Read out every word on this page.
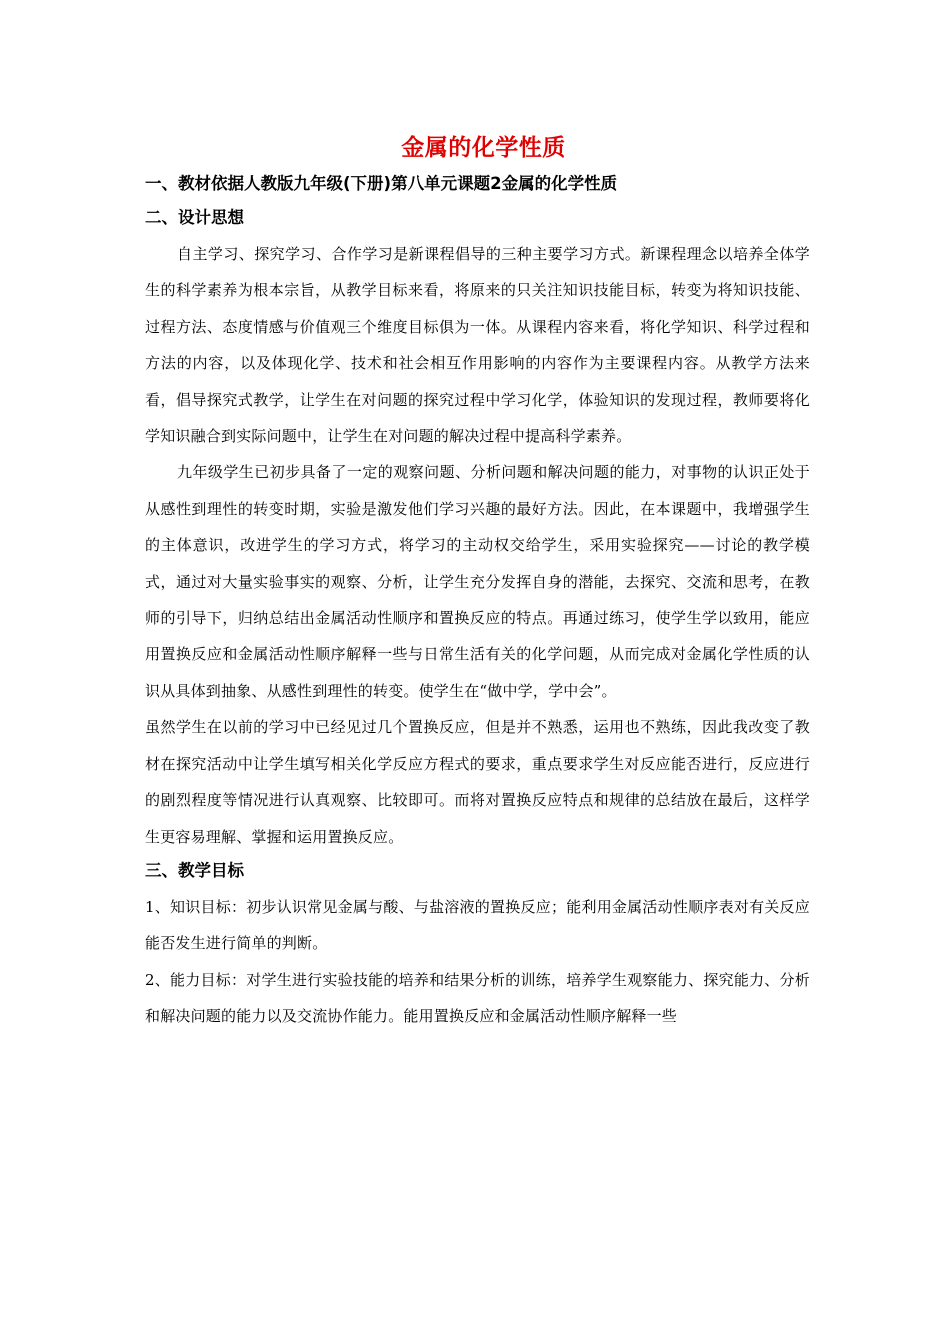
金属的化学性质
一、教材依据人教版九年级(下册)第八单元课题2金属的化学性质
二、设计思想

自主学习、探究学习、合作学习是新课程倡导的三种主要学习方式。新课程理念以培养全体学生的科学素养为根本宗旨，从教学目标来看，将原来的只关注知识技能目标，转变为将知识技能、过程方法、态度情感与价值观三个维度目标俱为一体。从课程内容来看，将化学知识、科学过程和方法的内容，以及体现化学、技术和社会相互作用影响的内容作为主要课程内容。从教学方法来看，倡导探究式教学，让学生在对问题的探究过程中学习化学，体验知识的发现过程，教师要将化学知识融合到实际问题中，让学生在对问题的解决过程中提高科学素养。

九年级学生已初步具备了一定的观察问题、分析问题和解决问题的能力，对事物的认识正处于从感性到理性的转变时期，实验是激发他们学习兴趣的最好方法。因此，在本课题中，我增强学生的主体意识，改进学生的学习方式，将学习的主动权交给学生，采用实验探究——讨论的教学模式，通过对大量实验事实的观察、分析，让学生充分发挥自身的潜能，去探究、交流和思考，在教师的引导下，归纳总结出金属活动性顺序和置换反应的特点。再通过练习，使学生学以致用，能应用置换反应和金属活动性顺序解释一些与日常生活有关的化学问题，从而完成对金属化学性质的认识从具体到抽象、从感性到理性的转变。使学生在“做中学，学中会”。

虽然学生在以前的学习中已经见过几个置换反应，但是并不熟悉，运用也不熟练，因此我改变了教材在探究活动中让学生填写相关化学反应方程式的要求，重点要求学生对反应能否进行，反应进行的剧烈程度等情况进行认真观察、比较即可。而将对置换反应特点和规律的总结放在最后，这样学生更容易理解、掌握和运用置换反应。

三、教学目标

1、知识目标：初步认识常见金属与酸、与盐溶液的置换反应；能利用金属活动性顺序表对有关反应能否发生进行简单的判断。

2、能力目标：对学生进行实验技能的培养和结果分析的训练，培养学生观察能力、探究能力、分析和解决问题的能力以及交流协作能力。能用置换反应和金属活动性顺序解释一些
